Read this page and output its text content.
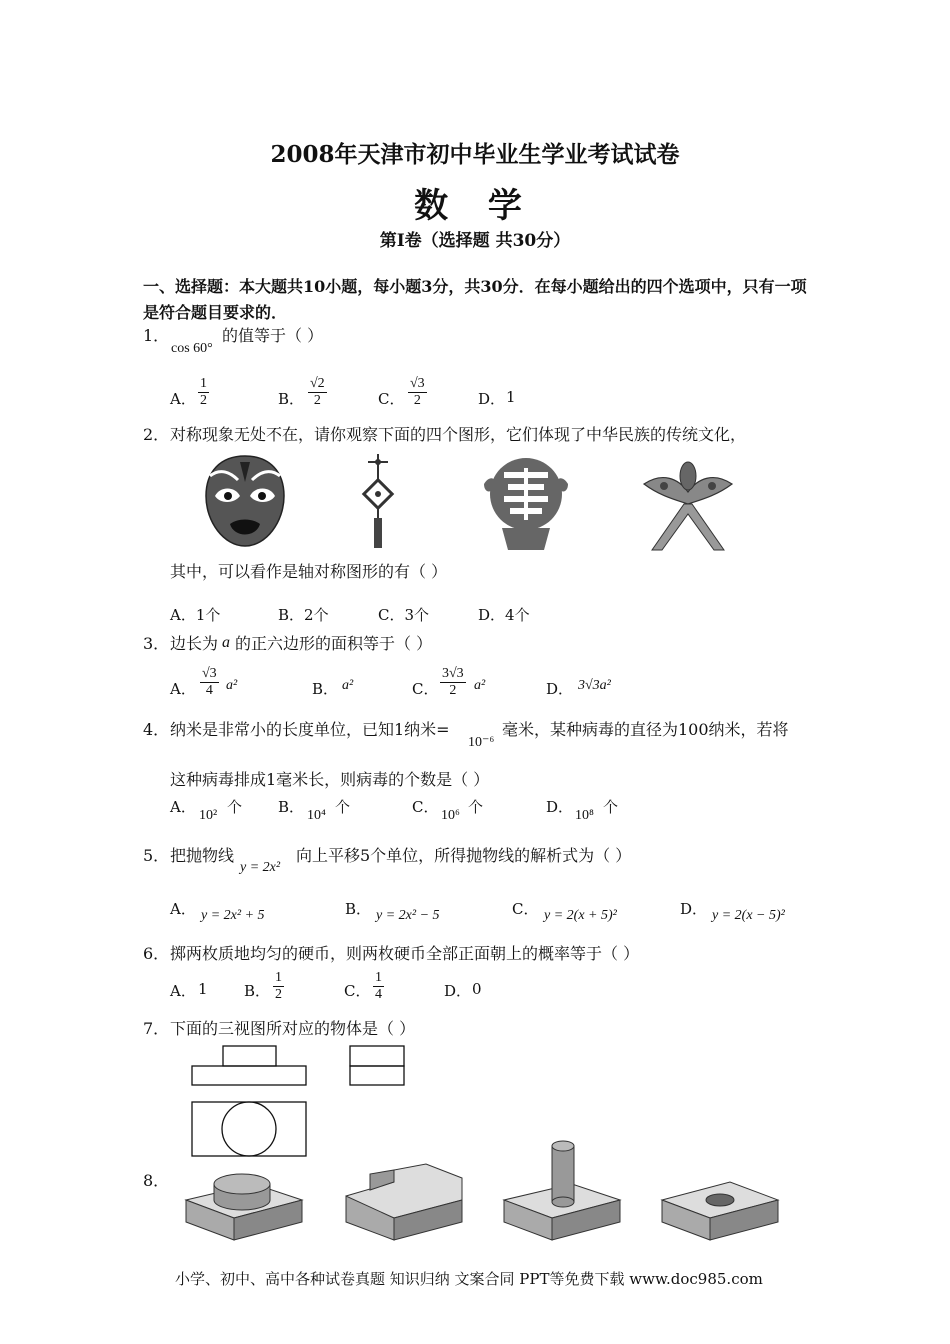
2008年天津市初中毕业生学业考试试卷
数 学
第I卷（选择题 共30分）
一、选择题：本大题共10小题，每小题3分，共30分．在每小题给出的四个选项中，只有一项是符合题目要求的．
1．
cos 60°
的值等于（ ）
A． $\frac{1}{2}$	B． $\frac{√2}{2}$	C． $\frac{√3}{2}$	D． 1
2． 对称现象无处不在，请你观察下面的四个图形，它们体现了中华民族的传统文化，
其中，可以看作是轴对称图形的有（ ）
A．1个	B．2个	C．3个	D．4个
3． 边长为 a 的正六边形的面积等于（ ）
A． $\frac{√3}{4} a^2$	B． a²	C． $\frac{3√3}{2} a^2$	D． 3√3a²
4． 纳米是非常小的长度单位，已知1纳米=
10⁻⁶
毫米，某种病毒的直径为100纳米，若将
这种病毒排成1毫米长，则病毒的个数是（ ）
A． 10² 个 B． 10⁴ 个	C． 10⁶ 个	D． 10⁸ 个
5． 把抛物线
y = 2x²
向上平移5个单位，所得抛物线的解析式为（ ）
A． y = 2x² + 5	B． y = 2x² − 5	C． y = 2(x + 5)²	D． y = 2(x − 5)²
6． 掷两枚质地均匀的硬币，则两枚硬币全部正面朝上的概率等于（ ）
A． 1 B． $\frac{1}{2}$	C． $\frac{1}{4}$	D． 0
7． 下面的三视图所对应的物体是（ ）
8．
小学、初中、高中各种试卷真题 知识归纳 文案合同 PPT等免费下载 www.doc985.com
